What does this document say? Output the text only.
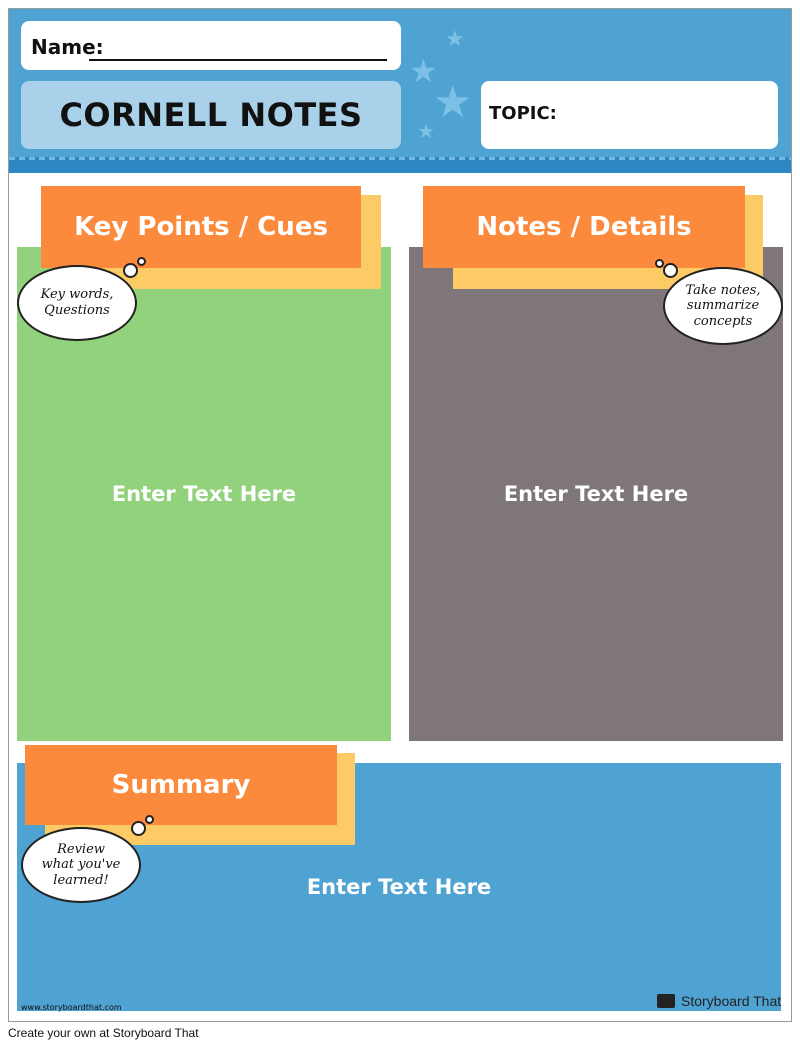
★
★
★
★
Name:
CORNELL NOTES	TOPIC:
Enter Text Here
Key Points / Cues
Key words, Questions
Enter Text Here
Notes / Details
Take notes, summarize concepts
Enter Text Here
Summary
Review what you've learned!
www.storyboardthat.com	Storyboard That
Create your own at Storyboard That
